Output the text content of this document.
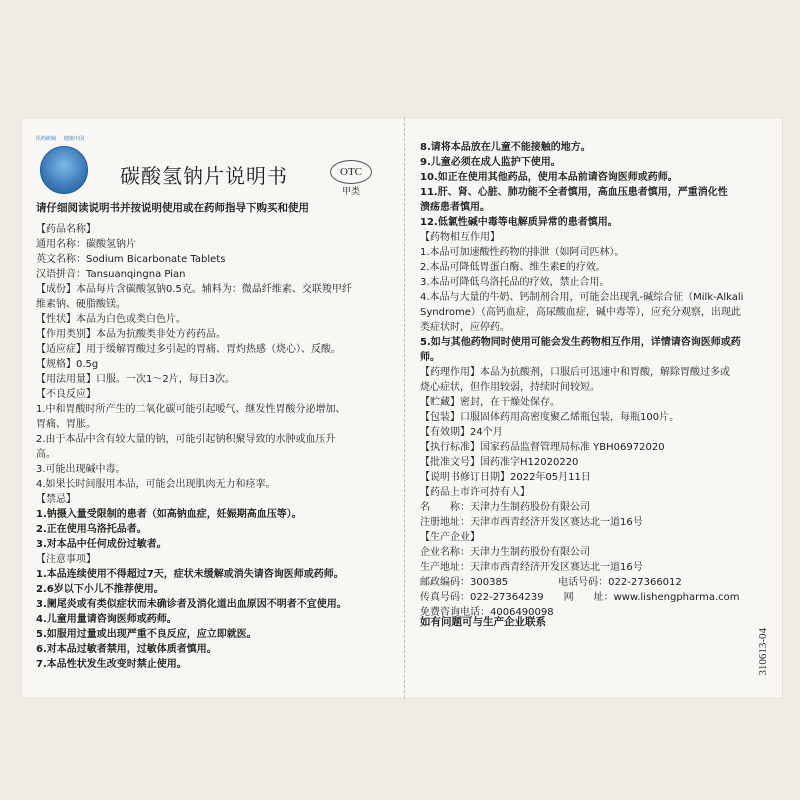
医药研制	健康中国
碳酸氢钠片说明书	OTC
甲类
请仔细阅读说明书并按说明使用或在药师指导下购买和使用
【药品名称】
通用名称：碳酸氢钠片
英文名称：Sodium Bicarbonate Tablets
汉语拼音：Tansuanqingna Pian
【成份】本品每片含碳酸氢钠0.5克。辅料为：微晶纤维素、交联羧甲纤
维素钠、硬脂酸镁。
【性状】本品为白色或类白色片。
【作用类别】本品为抗酸类非处方药药品。
【适应症】用于缓解胃酸过多引起的胃痛、胃灼热感（烧心）、反酸。
【规格】0.5g
【用法用量】口服。一次1～2片，每日3次。
【不良反应】
1.中和胃酸时所产生的二氧化碳可能引起嗳气、继发性胃酸分泌增加、
胃痛、胃胀。
2.由于本品中含有较大量的钠，可能引起钠积聚导致的水肿或血压升
高。
3.可能出现碱中毒。
4.如果长时间服用本品，可能会出现肌肉无力和痉挛。
【禁忌】
1.钠摄入量受限制的患者（如高钠血症，妊娠期高血压等）。
2.正在使用乌洛托品者。
3.对本品中任何成份过敏者。
【注意事项】
1.本品连续使用不得超过7天，症状未缓解或消失请咨询医师或药师。
2.6岁以下小儿不推荐使用。
3.阑尾炎或有类似症状而未确诊者及消化道出血原因不明者不宜使用。
4.儿童用量请咨询医师或药师。
5.如服用过量或出现严重不良反应，应立即就医。
6.对本品过敏者禁用，过敏体质者慎用。
7.本品性状发生改变时禁止使用。
8.请将本品放在儿童不能接触的地方。
9.儿童必须在成人监护下使用。
10.如正在使用其他药品，使用本品前请咨询医师或药师。
11.肝、肾、心脏、肺功能不全者慎用，高血压患者慎用，严重消化性
溃疡患者慎用。
12.低氯性碱中毒等电解质异常的患者慎用。
【药物相互作用】
1.本品可加速酸性药物的排泄（如阿司匹林）。
2.本品可降低胃蛋白酶、维生素E的疗效。
3.本品可降低乌洛托品的疗效，禁止合用。
4.本品与大量的牛奶、钙制剂合用，可能会出现乳-碱综合征（Milk-Alkali
Syndrome）（高钙血症，高尿酸血症，碱中毒等），应充分观察，出现此
类症状时，应停药。
5.如与其他药物同时使用可能会发生药物相互作用，详情请咨询医师或药
师。
【药理作用】本品为抗酸剂，口服后可迅速中和胃酸，解除胃酸过多或
烧心症状，但作用较弱，持续时间较短。
【贮藏】密封，在干燥处保存。
【包装】口服固体药用高密度聚乙烯瓶包装，每瓶100片。
【有效期】24个月
【执行标准】国家药品监督管理局标准 YBH06972020
【批准文号】国药准字H12020220
【说明书修订日期】2022年05月11日
【药品上市许可持有人】
名　　称：天津力生制药股份有限公司
注册地址：天津市西青经济开发区赛达北一道16号
【生产企业】
企业名称：天津力生制药股份有限公司
生产地址：天津市西青经济开发区赛达北一道16号
邮政编码：300385　　　　　电话号码：022-27366012
传真号码：022-27364239　　网　　址：www.lishengpharma.com
免费咨询电话：4006490098
如有问题可与生产企业联系
310613-04
